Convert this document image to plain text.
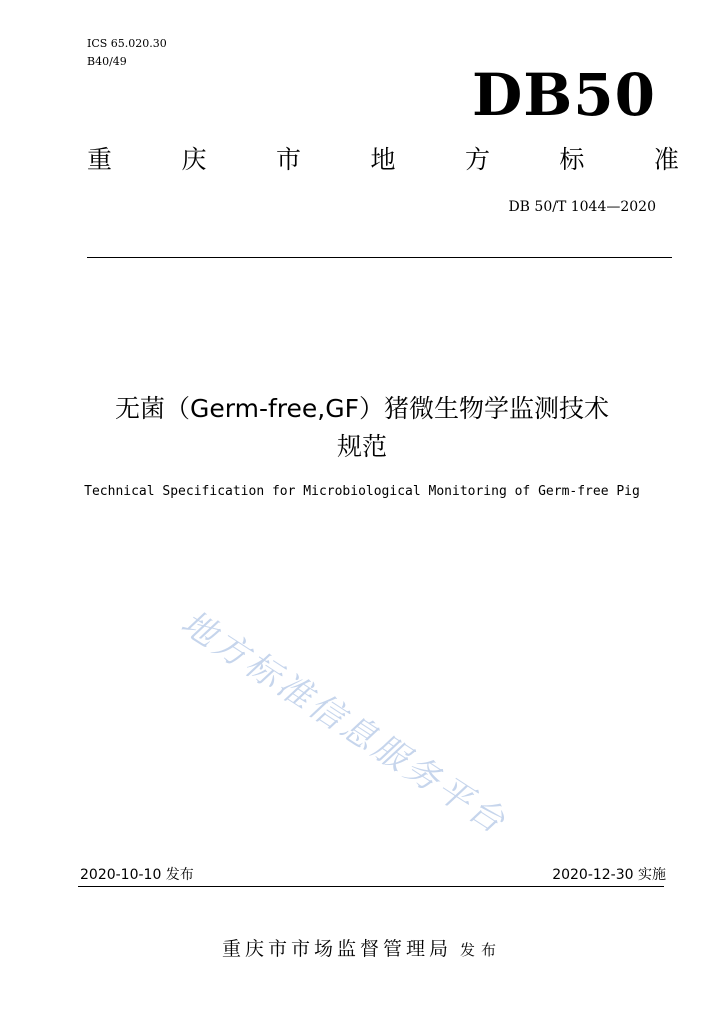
ICS 65.020.30
B40/49	DB50
重	庆	市	地	方	标	准
DB 50/T 1044—2020
无菌（Germ-free,GF）猪微生物学监测技术
规范
Technical Specification for Microbiological Monitoring of Germ-free Pig
地方标准信息服务平台
2020-10-10 发布	2020-12-30 实施
重庆市市场监督管理局 发布
